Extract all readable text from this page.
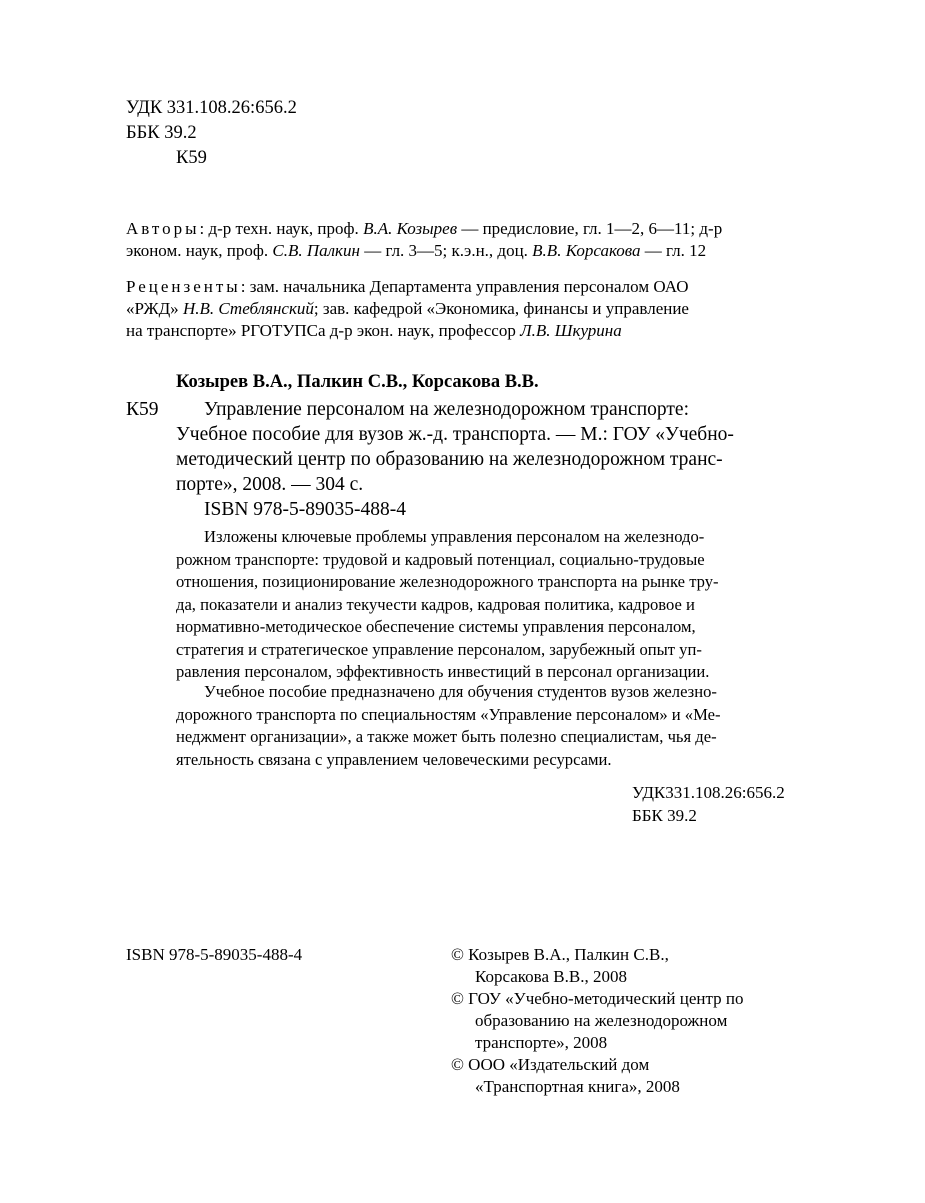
УДК 331.108.26:656.2
ББК 39.2
К59
Авторы: д-р техн. наук, проф. В.А. Козырев — предисловие, гл. 1—2, 6—11; д-р
эконом. наук, проф. С.В. Палкин — гл. 3—5; к.э.н., доц. В.В. Корсакова — гл. 12
Рецензенты: зам. начальника Департамента управления персоналом ОАО
«РЖД» Н.В. Стеблянский; зав. кафедрой «Экономика, финансы и управление
на транспорте» РГОТУПСа д-р экон. наук, профессор Л.В. Шкурина
Козырев В.А., Палкин С.В., Корсакова В.В.
К59 Управление персоналом на железнодорожном транспорте:
Учебное пособие для вузов ж.-д. транспорта. — М.: ГОУ «Учебно-
методический центр по образованию на железнодорожном транс-
порте», 2008. — 304 с.
ISBN 978-5-89035-488-4
Изложены ключевые проблемы управления персоналом на железнодо-
рожном транспорте: трудовой и кадровый потенциал, социально-трудовые
отношения, позиционирование железнодорожного транспорта на рынке тру-
да, показатели и анализ текучести кадров, кадровая политика, кадровое и
нормативно-методическое обеспечение системы управления персоналом,
стратегия и стратегическое управление персоналом, зарубежный опыт уп-
равления персоналом, эффективность инвестиций в персонал организации.
Учебное пособие предназначено для обучения студентов вузов железно-
дорожного транспорта по специальностям «Управление персоналом» и «Ме-
неджмент организации», а также может быть полезно специалистам, чья де-
ятельность связана с управлением человеческими ресурсами.
УДК331.108.26:656.2
ББК 39.2
ISBN 978-5-89035-488-4	© Козырев В.А., Палкин С.В.,
Корсакова В.В., 2008
© ГОУ «Учебно-методический центр по
образованию на железнодорожном
транспорте», 2008
© ООО «Издательский дом
«Транспортная книга», 2008
